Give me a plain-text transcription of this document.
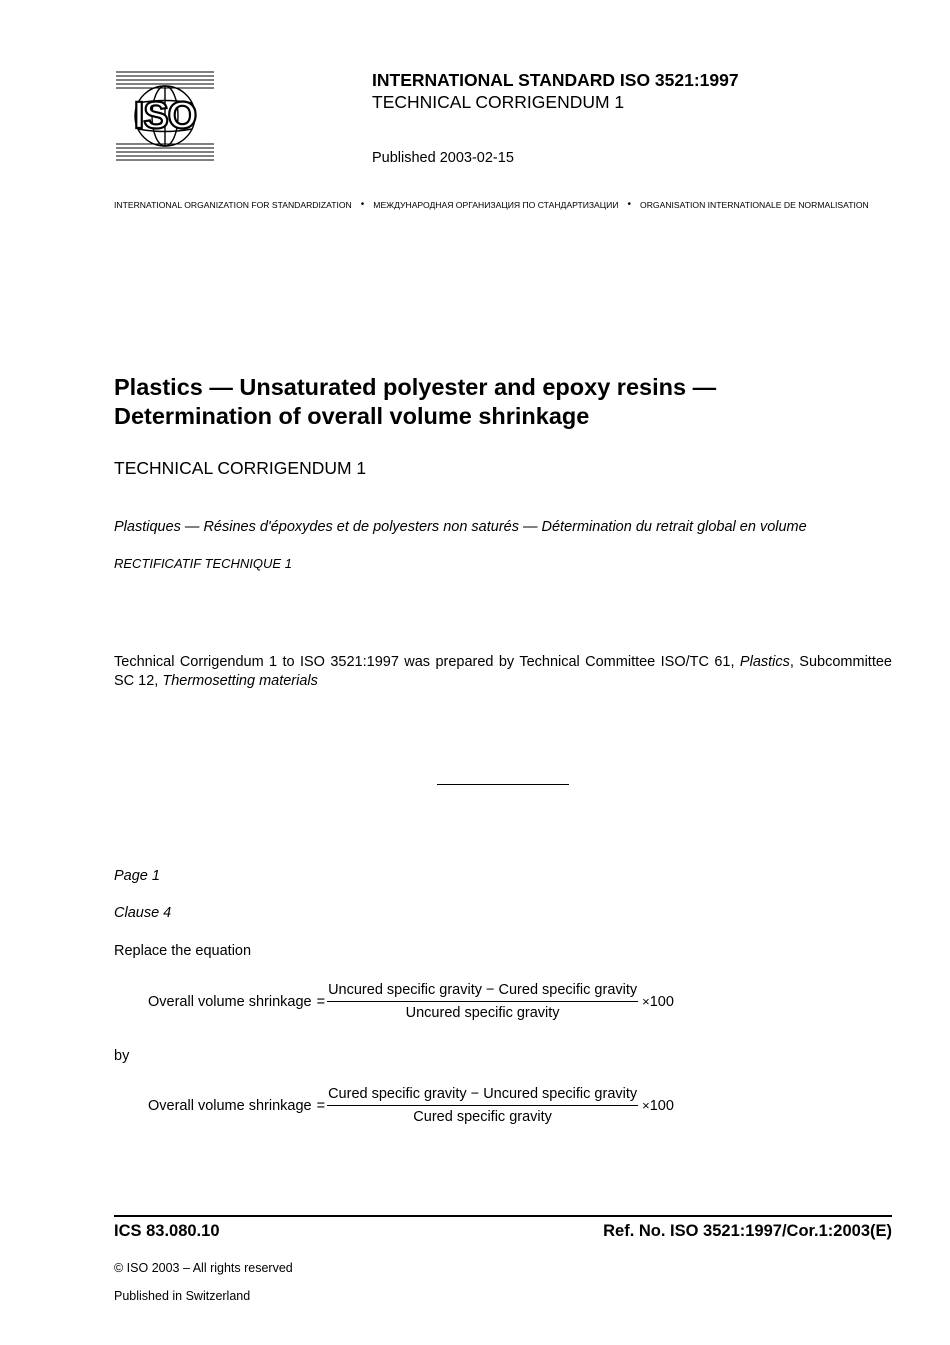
ISO
INTERNATIONAL STANDARD ISO 3521:1997
TECHNICAL CORRIGENDUM 1
Published 2003-02-15
INTERNATIONAL ORGANIZATION FOR STANDARDIZATION • МЕЖДУНАРОДНАЯ ОРГАНИЗАЦИЯ ПО СТАНДАРТИЗАЦИИ • ORGANISATION INTERNATIONALE DE NORMALISATION
Plastics — Unsaturated polyester and epoxy resins —
Determination of overall volume shrinkage
TECHNICAL CORRIGENDUM 1
Plastiques — Résines d'époxydes et de polyesters non saturés — Détermination du retrait global en volume
RECTIFICATIF TECHNIQUE 1
Technical Corrigendum 1 to ISO 3521:1997 was prepared by Technical Committee ISO/TC 61, Plastics, Subcommittee SC 12, Thermosetting materials
Page 1
Clause 4
Replace the equation
Overall volume shrinkage = $\frac{\text{Uncured specific gravity − Cured specific gravity}}{\text{Uncured specific gravity}} \times 100$
by
Overall volume shrinkage = $\frac{\text{Cured specific gravity − Uncured specific gravity}}{\text{Cured specific gravity}} \times 100$
ICS 83.080.10	Ref. No. ISO 3521:1997/Cor.1:2003(E)
© ISO 2003 – All rights reserved
Published in Switzerland
